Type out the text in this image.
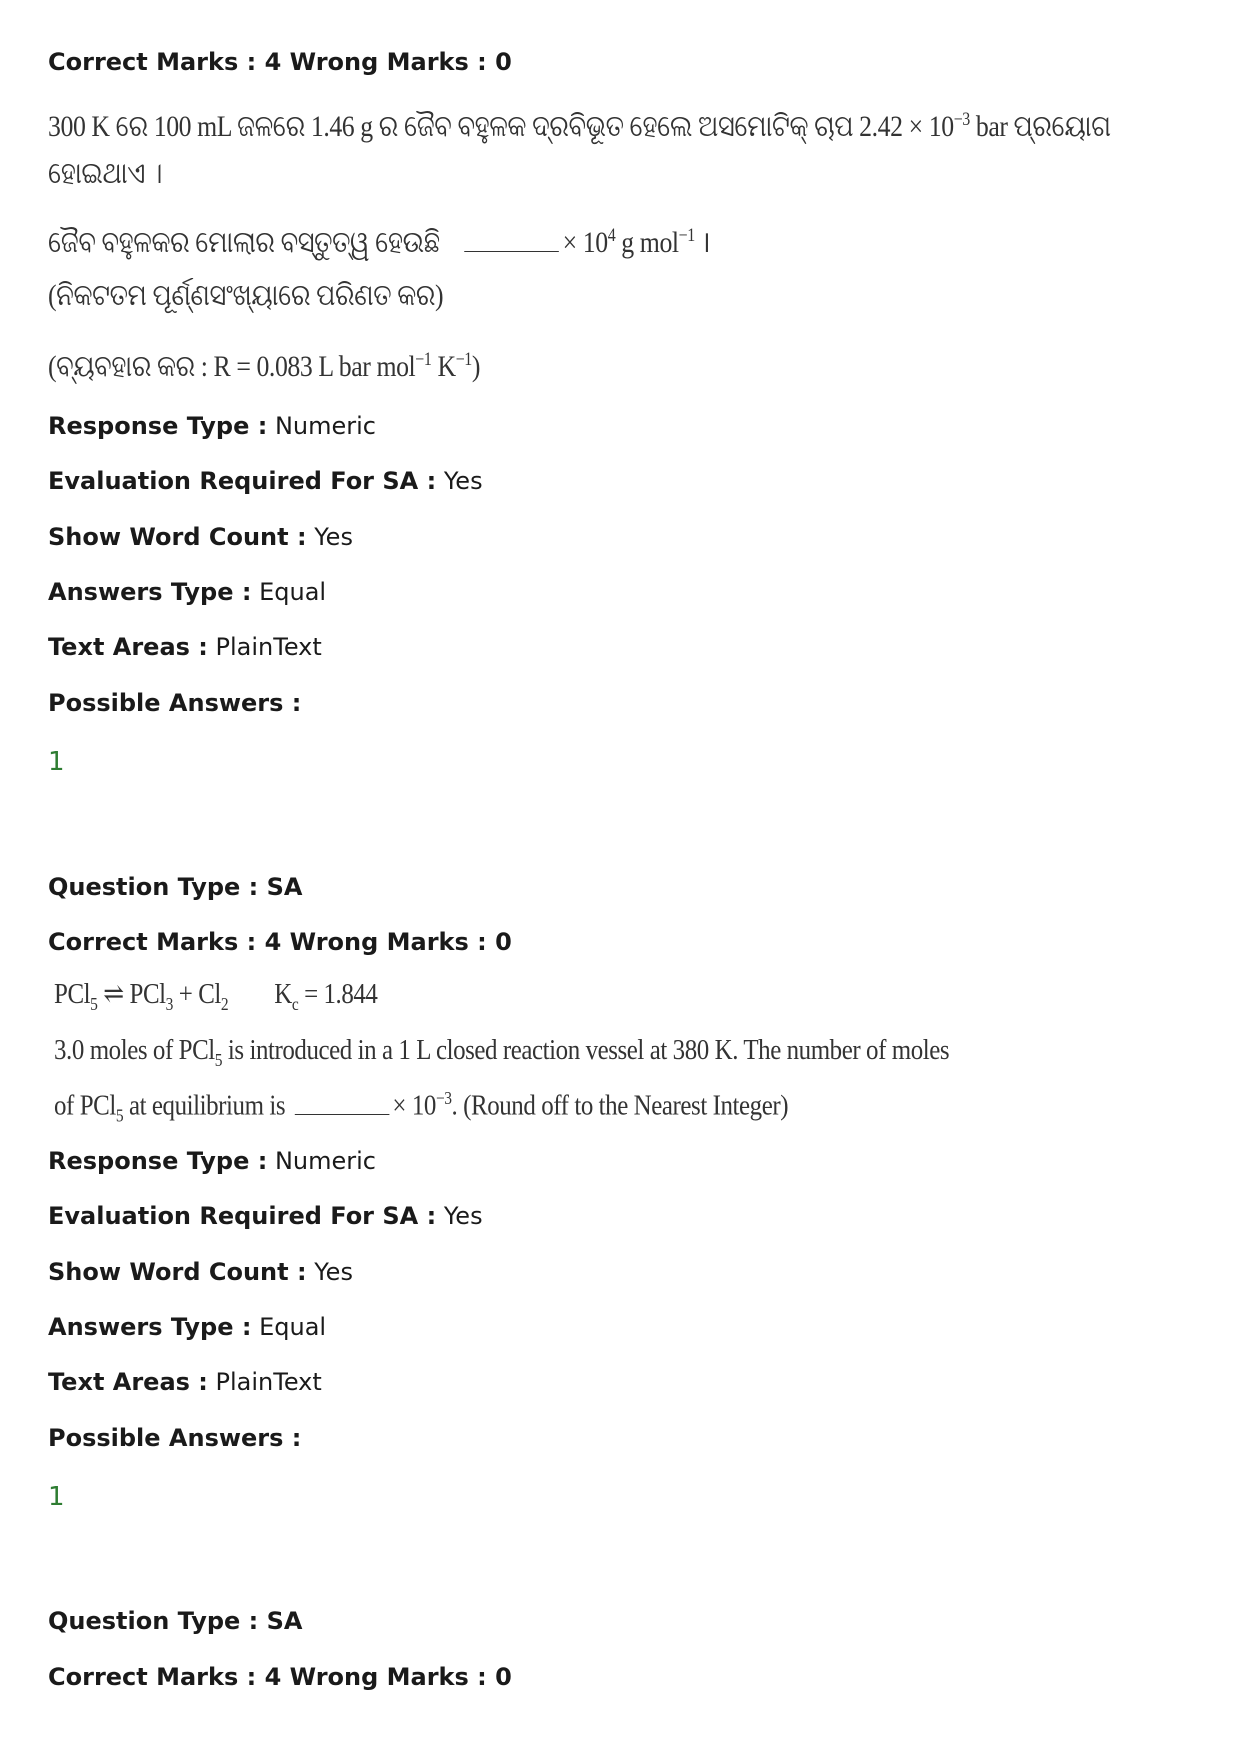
Correct Marks : 4 Wrong Marks : 0
300 K ରେ 100 mL ଜଳରେ 1.46 g ର ଜୈବ ବହୁଳକ ଦ୍ରବିଭୂତ ହେଲେ ଅସମୋଟିକ୍ ଚାପ $2.42 \times 10^{-3}$ bar ପ୍ରୟୋଗ
ହୋଇଥାଏ ।
ଜୈବ ବହୁଳକର ମୋଲାର ବସ୍ତୁତ୍ୱ ହେଉଛି	× $10^4$ g mol$^{-1}$ ।
(ନିକଟତମ ପୂର୍ଣ୍ଣସଂଖ୍ୟାରେ ପରିଣତ କର)
(ବ୍ୟବହାର କର : R = 0.083 L bar mol$^{-1}$ $K^{-1}$)
Response Type : Numeric
Evaluation Required For SA : Yes
Show Word Count : Yes
Answers Type : Equal
Text Areas : PlainText
Possible Answers :
1
Question Type : SA
Correct Marks : 4 Wrong Marks : 0
PCl$_5$ ⇌ $PCl_3 + Cl_2$ $K_c = 1.844$
3.0 moles of PCl$_5$ is introduced in a 1 L closed reaction vessel at 380 K. The number of moles
of PCl$_5$ at equilibrium is	× $10^{-3}$. (Round off to the Nearest Integer)
Response Type : Numeric
Evaluation Required For SA : Yes
Show Word Count : Yes
Answers Type : Equal
Text Areas : PlainText
Possible Answers :
1
Question Type : SA
Correct Marks : 4 Wrong Marks : 0
